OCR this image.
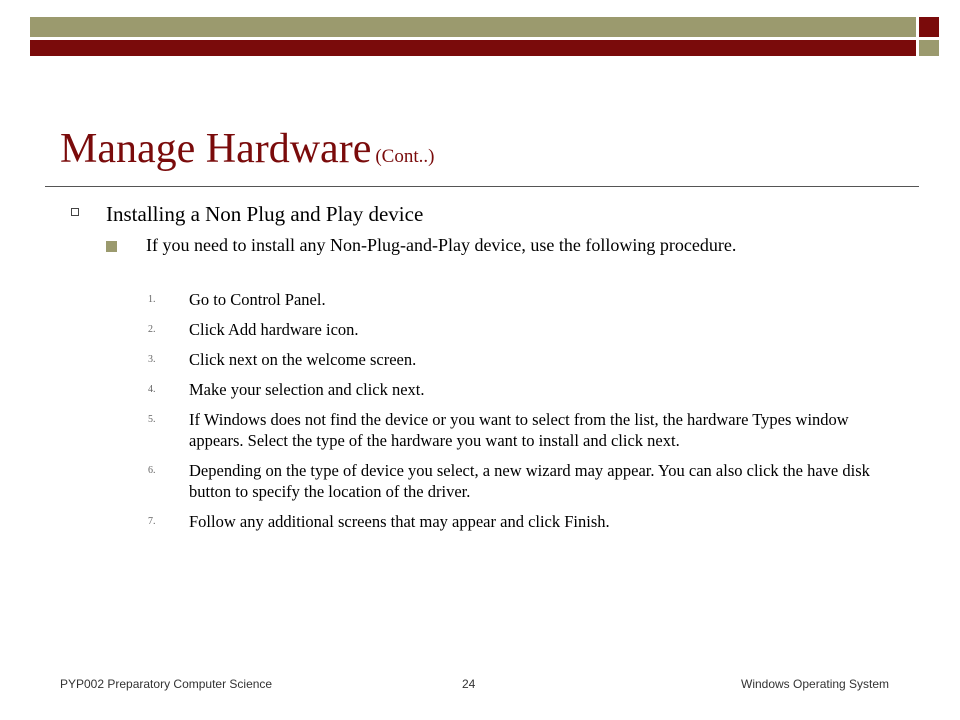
Manage Hardware (Cont..)
Installing a Non Plug and Play device
If you need to install any Non-Plug-and-Play device, use the following procedure.
1. Go to Control Panel.
2. Click Add hardware icon.
3. Click next on the welcome screen.
4. Make your selection and click next.
5. If Windows does not find the device or you want to select from the list, the hardware Types window appears. Select the type of the hardware you want to install and click next.
6. Depending on the type of device you select, a new wizard may appear. You can also click the have disk button to specify the location of the driver.
7. Follow any additional screens that may appear and click Finish.
PYP002 Preparatory Computer Science	24	Windows Operating System
